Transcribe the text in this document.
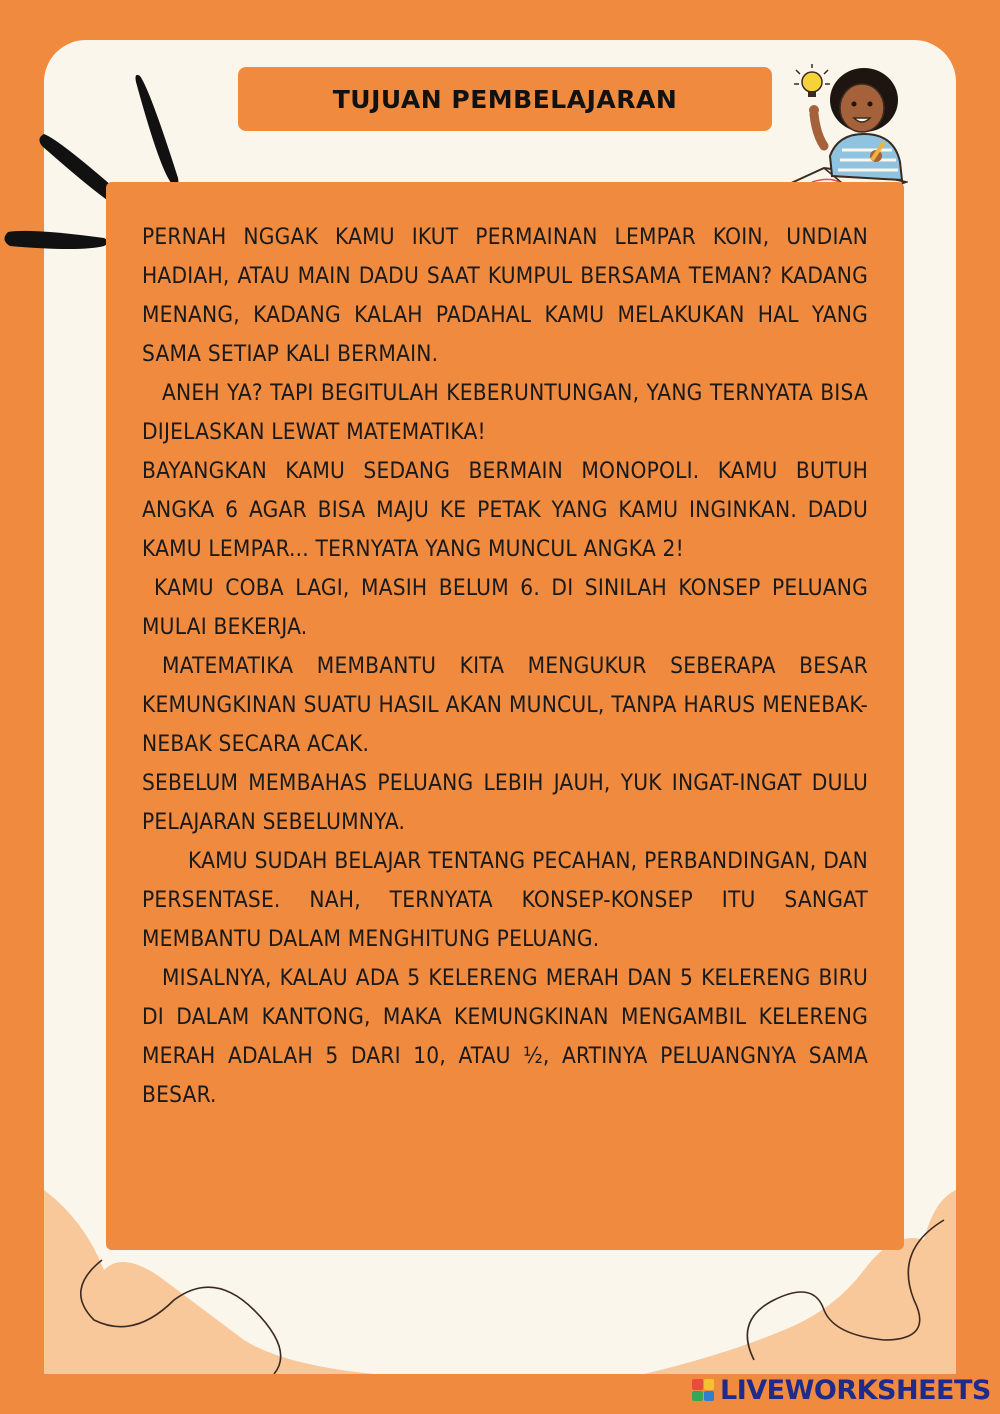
TUJUAN PEMBELAJARAN

PERNAH NGGAK KAMU IKUT PERMAINAN LEMPAR KOIN, UNDIAN HADIAH, ATAU MAIN DADU SAAT KUMPUL BERSAMA TEMAN? KADANG MENANG, KADANG KALAH PADAHAL KAMU MELAKUKAN HAL YANG SAMA SETIAP KALI BERMAIN.

ANEH YA? TAPI BEGITULAH KEBERUNTUNGAN, YANG TERNYATA BISA DIJELASKAN LEWAT MATEMATIKA!

BAYANGKAN KAMU SEDANG BERMAIN MONOPOLI. KAMU BUTUH ANGKA 6 AGAR BISA MAJU KE PETAK YANG KAMU INGINKAN. DADU KAMU LEMPAR... TERNYATA YANG MUNCUL ANGKA 2!

KAMU COBA LAGI, MASIH BELUM 6. DI SINILAH KONSEP PELUANG MULAI BEKERJA.

MATEMATIKA MEMBANTU KITA MENGUKUR SEBERAPA BESAR KEMUNGKINAN SUATU HASIL AKAN MUNCUL, TANPA HARUS MENEBAK-NEBAK SECARA ACAK.

SEBELUM MEMBAHAS PELUANG LEBIH JAUH, YUK INGAT-INGAT DULU PELAJARAN SEBELUMNYA.

KAMU SUDAH BELAJAR TENTANG PECAHAN, PERBANDINGAN, DAN PERSENTASE. NAH, TERNYATA KONSEP-KONSEP ITU SANGAT MEMBANTU DALAM MENGHITUNG PELUANG.

MISALNYA, KALAU ADA 5 KELERENG MERAH DAN 5 KELERENG BIRU DI DALAM KANTONG, MAKA KEMUNGKINAN MENGAMBIL KELERENG MERAH ADALAH 5 DARI 10, ATAU ½, ARTINYA PELUANGNYA SAMA BESAR.

LIVEWORKSHEETS
